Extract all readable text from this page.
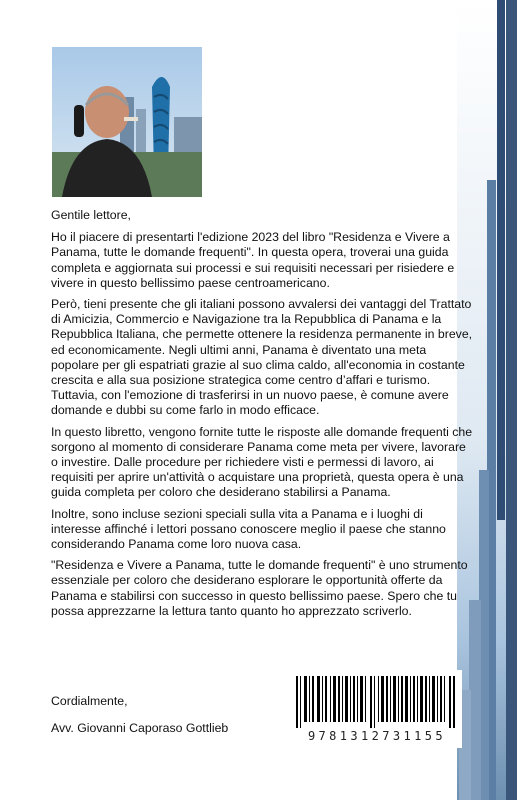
Gentile lettore,

Ho il piacere di presentarti l'edizione 2023 del libro "Residenza e Vivere a Panama, tutte le domande frequenti". In questa opera, troverai una guida completa e aggiornata sui processi e sui requisiti necessari per risiedere e vivere in questo bellissimo paese centroamericano.

Però, tieni presente che gli italiani possono avvalersi dei vantaggi del Trattato di Amicizia, Commercio e Navigazione tra la Repubblica di Panama e la Repubblica Italiana, che permette ottenere la residenza permanente in breve, ed economicamente. Negli ultimi anni, Panama è diventato una meta popolare per gli espatriati grazie al suo clima caldo, all'economia in costante crescita e alla sua posizione strategica come centro d’affari e turismo. Tuttavia, con l'emozione di trasferirsi in un nuovo paese, è comune avere domande e dubbi su come farlo in modo efficace.

In questo libretto, vengono fornite tutte le risposte alle domande frequenti che sorgono al momento di considerare Panama come meta per vivere, lavorare o investire. Dalle procedure per richiedere visti e permessi di lavoro, ai requisiti per aprire un'attività o acquistare una proprietà, questa opera è una guida completa per coloro che desiderano stabilirsi a Panama.

Inoltre, sono incluse sezioni speciali sulla vita a Panama e i luoghi di interesse affinché i lettori possano conoscere meglio il paese che stanno considerando Panama come loro nuova casa.

"Residenza e Vivere a Panama, tutte le domande frequenti" è uno strumento essenziale per coloro che desiderano esplorare le opportunità offerte da Panama e stabilirsi con successo in questo bellissimo paese. Spero che tu possa apprezzarne la lettura tanto quanto ho apprezzato scriverlo.

Cordialmente,
Avv. Giovanni Caporaso Gottlieb
9781312731155
